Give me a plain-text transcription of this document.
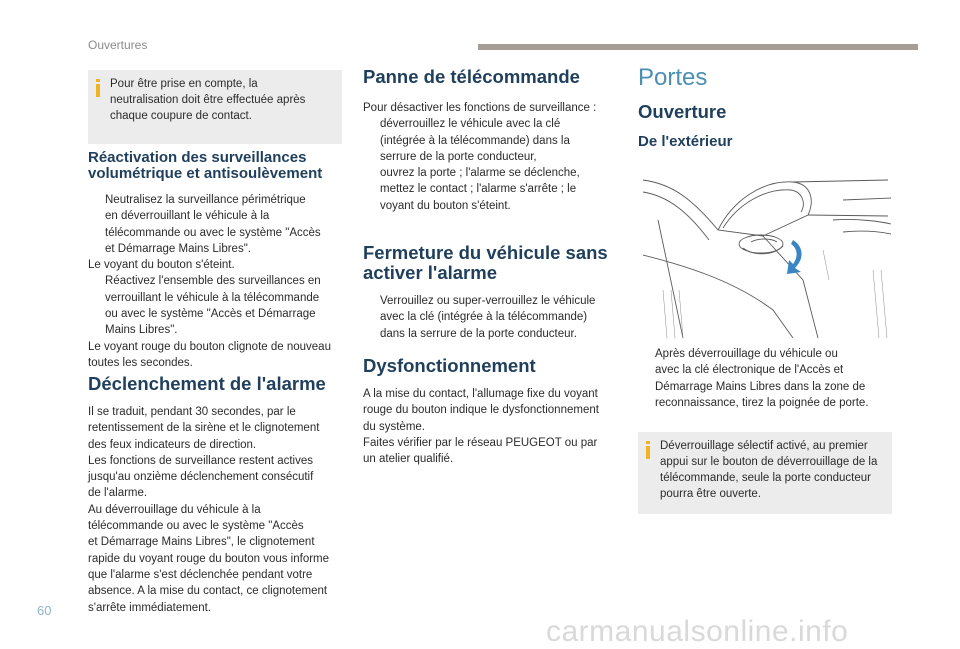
Ouvertures
Pour être prise en compte, la
neutralisation doit être effectuée après
chaque coupure de contact.
Réactivation des surveillances
volumétrique et antisoulèvement
Neutralisez la surveillance périmétrique
en déverrouillant le véhicule à la
télécommande ou avec le système "Accès
et Démarrage Mains Libres".
Le voyant du bouton s'éteint.
Réactivez l'ensemble des surveillances en
verrouillant le véhicule à la télécommande
ou avec le système "Accès et Démarrage
Mains Libres".
Le voyant rouge du bouton clignote de nouveau
toutes les secondes.
Déclenchement de l'alarme
Il se traduit, pendant 30 secondes, par le
retentissement de la sirène et le clignotement
des feux indicateurs de direction.
Les fonctions de surveillance restent actives
jusqu'au onzième déclenchement consécutif
de l'alarme.
Au déverrouillage du véhicule à la
télécommande ou avec le système "Accès
et Démarrage Mains Libres", le clignotement
rapide du voyant rouge du bouton vous informe
que l'alarme s'est déclenchée pendant votre
absence. A la mise du contact, ce clignotement
s'arrête immédiatement.
Panne de télécommande
Pour désactiver les fonctions de surveillance :
déverrouillez le véhicule avec la clé
(intégrée à la télécommande) dans la
serrure de la porte conducteur,
ouvrez la porte ; l'alarme se déclenche,
mettez le contact ; l'alarme s'arrête ; le
voyant du bouton s'éteint.
Fermeture du véhicule sans
activer l'alarme
Verrouillez ou super-verrouillez le véhicule
avec la clé (intégrée à la télécommande)
dans la serrure de la porte conducteur.
Dysfonctionnement
A la mise du contact, l'allumage fixe du voyant
rouge du bouton indique le dysfonctionnement
du système.
Faites vérifier par le réseau PEUGEOT ou par
un atelier qualifié.
Portes
Ouverture
De l'extérieur
Après déverrouillage du véhicule ou
avec la clé électronique de l'Accès et
Démarrage Mains Libres dans la zone de
reconnaissance, tirez la poignée de porte.
Déverrouillage sélectif activé, au premier
appui sur le bouton de déverrouillage de la
télécommande, seule la porte conducteur
pourra être ouverte.
60
carmanualsonline.info
